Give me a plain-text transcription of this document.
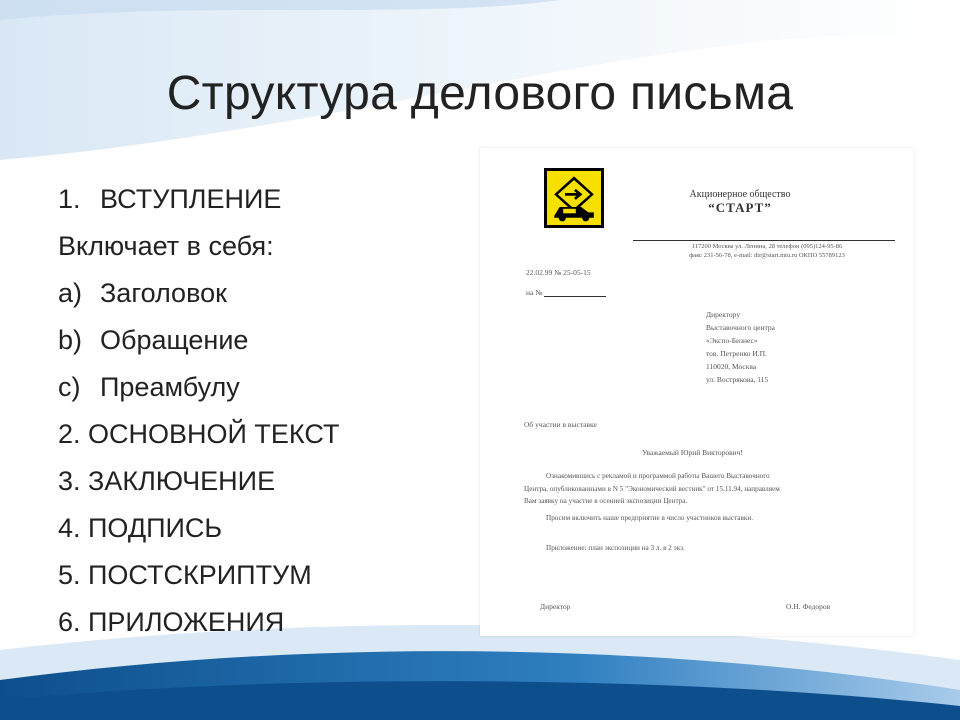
Структура делового письма
1. ВСТУПЛЕНИЕ
Включает в себя:
a) Заголовок
b) Обращение
c) Преамбулу
2. ОСНОВНОЙ ТЕКСТ
3. ЗАКЛЮЧЕНИЕ
4. ПОДПИСЬ
5. ПОСТСКРИПТУМ
6. ПРИЛОЖЕНИЯ
Акционерное общество
“СТАРТ”
117200 Москва ул. Ленина, 28 телефон (095)124-95-86
факс 231-56-78, e-mail: dir@start.mtu.ru ОКПО 55789123
22.02.99 № 25-05-15
на №
Директору
Выставочного центра
«Экспо-Бизнес»
тов. Петренко И.П.
110020, Москва
ул. Вострякова, 115
Об участии в выставке
Уважаемый Юрий Викторович!
Ознакомившись с рекламой и программой работы Вашего Выставочного
Центра, опубликованными в N 5 "Экономический вестник" от 15.11.94, направляем
Вам заявку на участие в осенней экспозиции Центра.
Просим включить наше предприятие в число участников выставки.
Приложение: план экспозиции на 3 л. в 2 экз.
Директор	О.Н. Федоров
